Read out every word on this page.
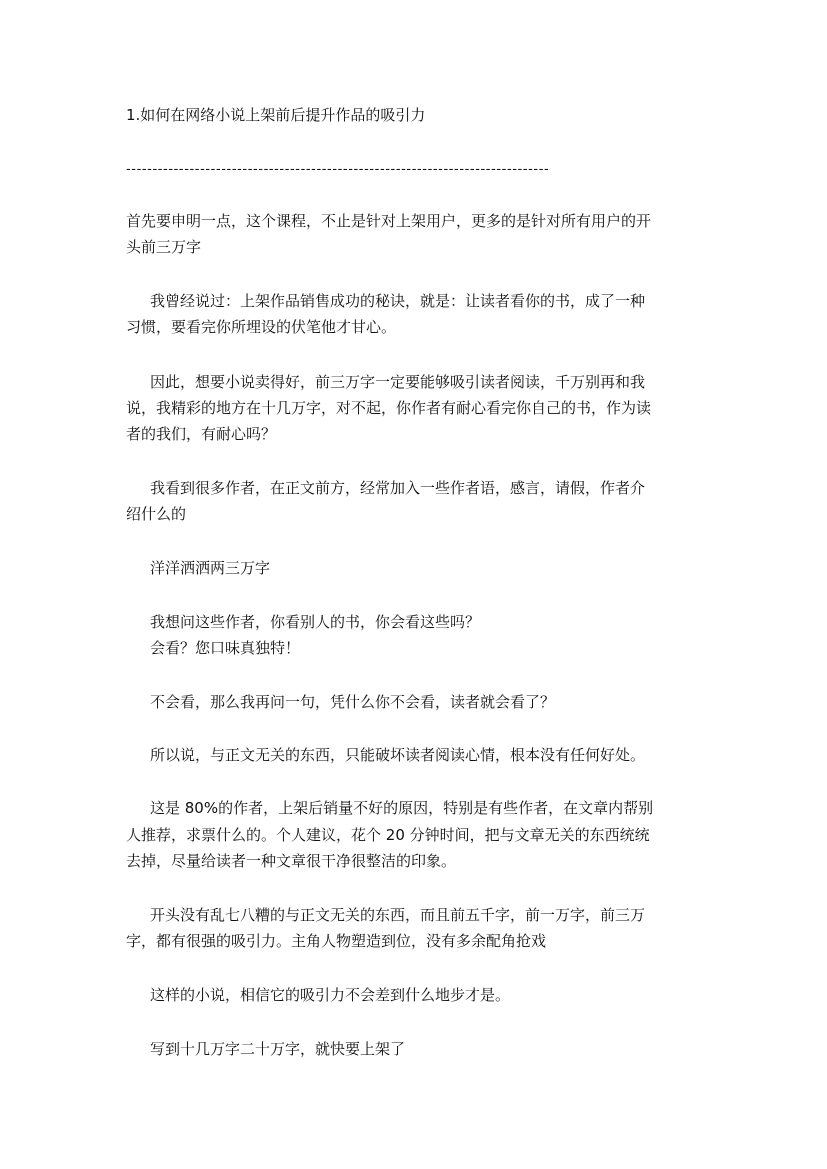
1.如何在网络小说上架前后提升作品的吸引力

--------------------------------------------------------------------------------

首先要申明一点，这个课程，不止是针对上架用户，更多的是针对所有用户的开

头前三万字

我曾经说过：上架作品销售成功的秘诀，就是：让读者看你的书，成了一种

习惯，要看完你所埋设的伏笔他才甘心。

因此，想要小说卖得好，前三万字一定要能够吸引读者阅读，千万别再和我

说，我精彩的地方在十几万字，对不起，你作者有耐心看完你自己的书，作为读

者的我们，有耐心吗？

我看到很多作者，在正文前方，经常加入一些作者语，感言，请假，作者介

绍什么的

洋洋洒洒两三万字

我想问这些作者，你看别人的书，你会看这些吗？

会看？您口味真独特！

不会看，那么我再问一句，凭什么你不会看，读者就会看了？

所以说，与正文无关的东西，只能破坏读者阅读心情，根本没有任何好处。

这是 80%的作者，上架后销量不好的原因，特别是有些作者，在文章内帮别

人推荐，求票什么的。个人建议，花个 20 分钟时间，把与文章无关的东西统统

去掉，尽量给读者一种文章很干净很整洁的印象。

开头没有乱七八糟的与正文无关的东西，而且前五千字，前一万字，前三万

字，都有很强的吸引力。主角人物塑造到位，没有多余配角抢戏

这样的小说，相信它的吸引力不会差到什么地步才是。

写到十几万字二十万字，就快要上架了
